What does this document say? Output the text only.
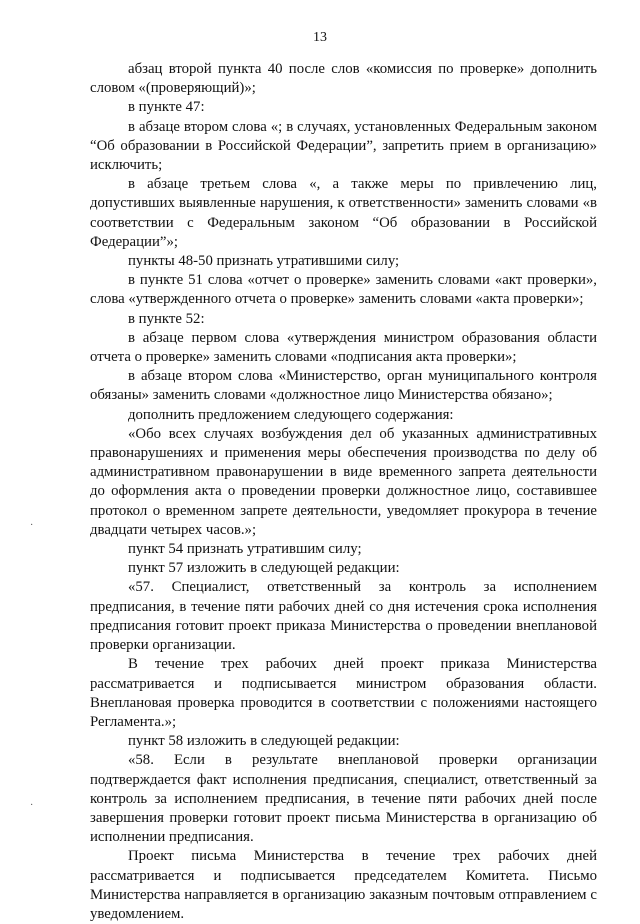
13
·
·

абзац второй пункта 40 после слов «комиссия по проверке» дополнить словом «(проверяющий)»;

в пункте 47:

в абзаце втором слова «; в случаях, установленных Федеральным законом “Об образовании в Российской Федерации”, запретить прием в организацию» исключить;

в абзаце третьем слова «, а также меры по привлечению лиц, допустивших выявленные нарушения, к ответственности» заменить словами «в соответствии с Федеральным законом “Об образовании в Российской Федерации”»;

пункты 48-50 признать утратившими силу;

в пункте 51 слова «отчет о проверке» заменить словами «акт проверки», слова «утвержденного отчета о проверке» заменить словами «акта проверки»;

в пункте 52:

в абзаце первом слова «утверждения министром образования области отчета о проверке» заменить словами «подписания акта проверки»;

в абзаце втором слова «Министерство, орган муниципального контроля обязаны» заменить словами «должностное лицо Министерства обязано»;

дополнить предложением следующего содержания:

«Обо всех случаях возбуждения дел об указанных административных правонарушениях и применения меры обеспечения производства по делу об административном правонарушении в виде временного запрета деятельности до оформления акта о проведении проверки должностное лицо, составившее протокол о временном запрете деятельности, уведомляет прокурора в течение двадцати четырех часов.»;

пункт 54 признать утратившим силу;

пункт 57 изложить в следующей редакции:

«57. Специалист, ответственный за контроль за исполнением предписания, в течение пяти рабочих дней со дня истечения срока исполнения предписания готовит проект приказа Министерства о проведении внеплановой проверки организации.

В течение трех рабочих дней проект приказа Министерства рассматривается и подписывается министром образования области. Внеплановая проверка проводится в соответствии с положениями настоящего Регламента.»;

пункт 58 изложить в следующей редакции:

«58. Если в результате внеплановой проверки организации подтверждается факт исполнения предписания, специалист, ответственный за контроль за исполнением предписания, в течение пяти рабочих дней после завершения проверки готовит проект письма Министерства в организацию об исполнении предписания.

Проект письма Министерства в течение трех рабочих дней рассматривается и подписывается председателем Комитета. Письмо Министерства направляется в организацию заказным почтовым отправлением с уведомлением.
